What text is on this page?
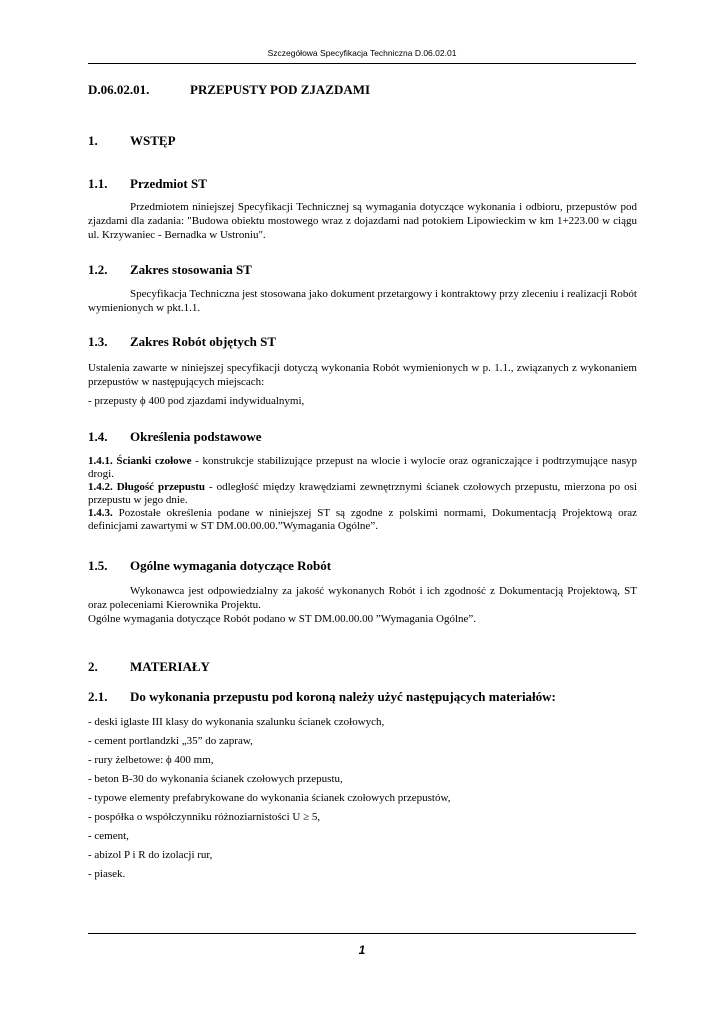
Szczegółowa Specyfikacja Techniczna D.06.02.01

D.06.02.01.	PRZEPUSTY POD ZJAZDAMI

1. WSTĘP

1.1. Przedmiot ST

Przedmiotem niniejszej Specyfikacji Technicznej są wymagania dotyczące wykonania i odbioru, przepustów pod zjazdami dla zadania: "Budowa obiektu mostowego wraz z dojazdami nad potokiem Lipowieckim w km 1+223.00 w ciągu ul. Krzywaniec - Bernadka w Ustroniu".

1.2. Zakres stosowania ST

Specyfikacja Techniczna jest stosowana jako dokument przetargowy i kontraktowy przy zleceniu i realizacji Robót wymienionych w pkt.1.1.

1.3. Zakres Robót objętych ST

Ustalenia zawarte w niniejszej specyfikacji dotyczą wykonania Robót wymienionych w p. 1.1., związanych z wykonaniem przepustów w następujących miejscach:

- przepusty ϕ 400 pod zjazdami indywidualnymi,

1.4. Określenia podstawowe

1.4.1. Ścianki czołowe - konstrukcje stabilizujące przepust na wlocie i wylocie oraz ograniczające i podtrzymujące nasyp drogi.

1.4.2. Długość przepustu - odległość między krawędziami zewnętrznymi ścianek czołowych przepustu, mierzona po osi przepustu w jego dnie.

1.4.3. Pozostałe określenia podane w niniejszej ST są zgodne z polskimi normami, Dokumentacją Projektową oraz definicjami zawartymi w ST DM.00.00.00.”Wymagania Ogólne”.

1.5. Ogólne wymagania dotyczące Robót

Wykonawca jest odpowiedzialny za jakość wykonanych Robót i ich zgodność z Dokumentacją Projektową, ST oraz poleceniami Kierownika Projektu.

Ogólne wymagania dotyczące Robót podano w ST DM.00.00.00 ”Wymagania Ogólne”.

2. MATERIAŁY

2.1. Do wykonania przepustu pod koroną należy użyć następujących materiałów:

- deski iglaste III klasy do wykonania szalunku ścianek czołowych,

- cement portlandzki „35” do zapraw,

- rury żelbetowe: ϕ 400 mm,

- beton B-30 do wykonania ścianek czołowych przepustu,

- typowe elementy prefabrykowane do wykonania ścianek czołowych przepustów,

- pospółka o współczynniku różnoziarnistości U ≥ 5,

- cement,

- abizol P i R do izolacji rur,

- piasek.

1
